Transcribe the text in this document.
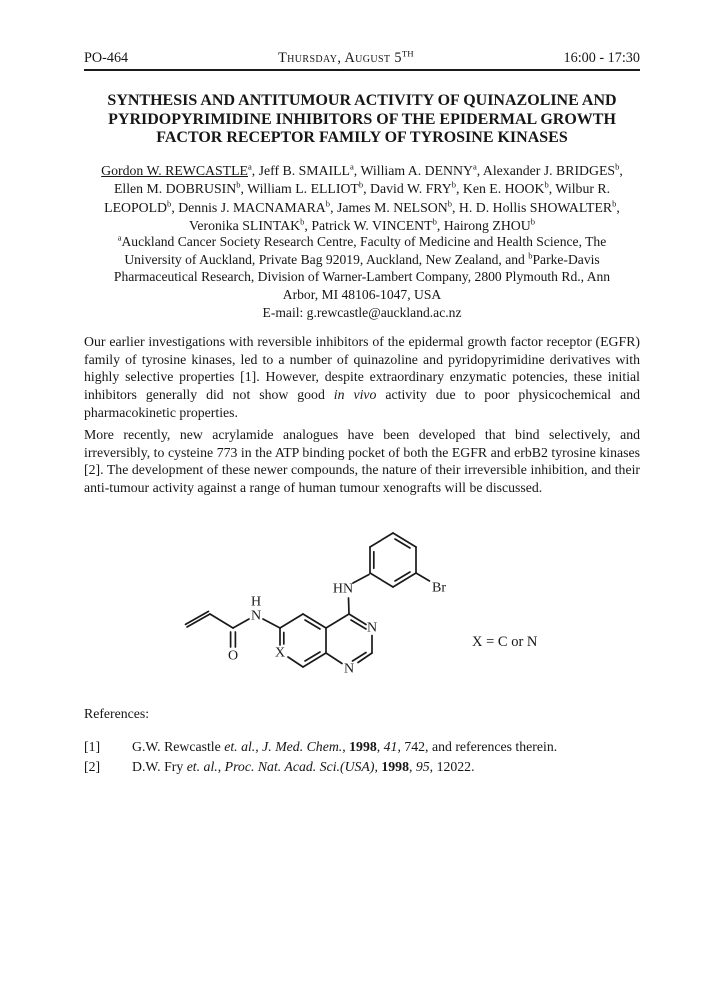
PO-464	Thursday, August 5TH	16:00 - 17:30
SYNTHESIS AND ANTITUMOUR ACTIVITY OF QUINAZOLINE AND
PYRIDOPYRIMIDINE INHIBITORS OF THE EPIDERMAL GROWTH
FACTOR RECEPTOR FAMILY OF TYROSINE KINASES
Gordon W. REWCASTLE$^a$, Jeff B. SMAILL$^a$, William A. DENNY$^a$, Alexander J. BRIDGES$^b$,
Ellen M. DOBRUSIN$^b$, William L. ELLIOT$^b$, David W. FRY$^b$, Ken E. HOOK$^b$, Wilbur R.
LEOPOLD$^b$, Dennis J. MACNAMARA$^b$, James M. NELSON$^b$, H. D. Hollis SHOWALTER$^b$,
Veronika SLINTAK$^b$, Patrick W. VINCENT$^b$, Hairong ZHOU$^b$
$^a$Auckland Cancer Society Research Centre, Faculty of Medicine and Health Science, The
University of Auckland, Private Bag 92019, Auckland, New Zealand, and $^b$Parke-Davis
Pharmaceutical Research, Division of Warner-Lambert Company, 2800 Plymouth Rd., Ann
Arbor, MI 48106-1047, USA
E-mail: g.rewcastle@auckland.ac.nz
Our earlier investigations with reversible inhibitors of the epidermal growth factor receptor (EGFR) family of tyrosine kinases, led to a number of quinazoline and pyridopyrimidine derivatives with highly selective properties [1]. However, despite extraordinary enzymatic potencies, these initial inhibitors generally did not show good in vivo activity due to poor physicochemical and pharmacokinetic properties.
More recently, new acrylamide analogues have been developed that bind selectively, and irreversibly, to cysteine 773 in the ATP binding pocket of both the EGFR and erbB2 tyrosine kinases [2]. The development of these newer compounds, the nature of their irreversible inhibition, and their anti-tumour activity against a range of human tumour xenografts will be discussed.
H
N
O	X
HN
N
N
Br
X = C or N
References:
[1]	G.W. Rewcastle et. al., J. Med. Chem., 1998, 41, 742, and references therein.
[2]	D.W. Fry et. al., Proc. Nat. Acad. Sci.(USA), 1998, 95, 12022.
